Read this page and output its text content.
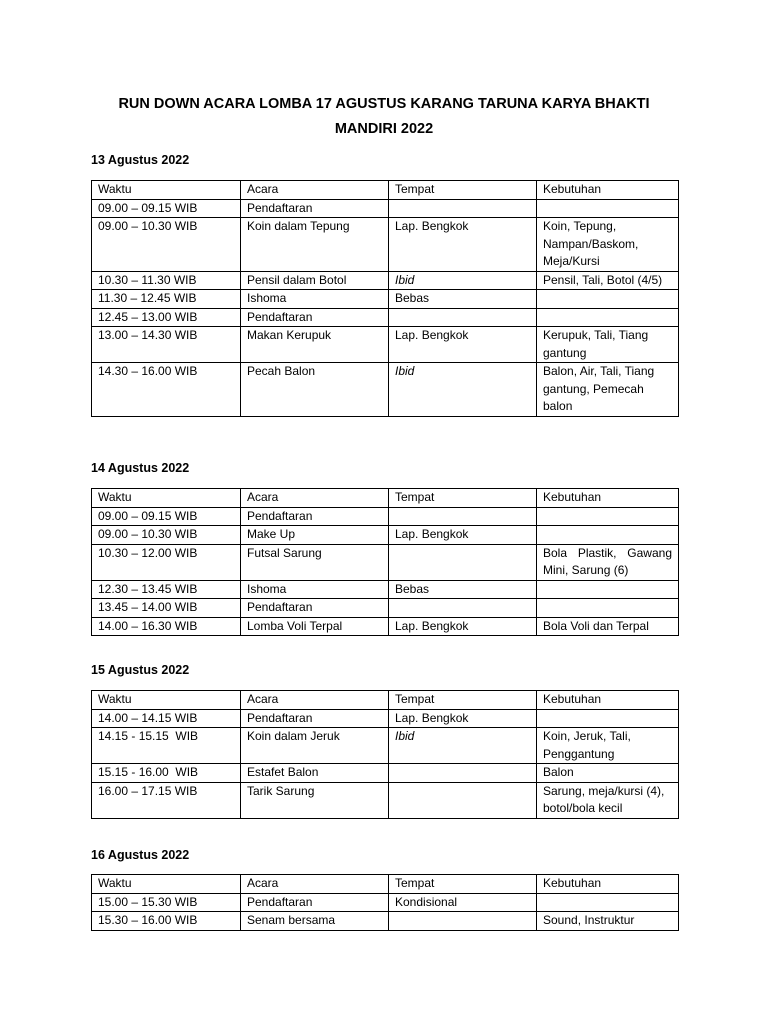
RUN DOWN ACARA LOMBA 17 AGUSTUS KARANG TARUNA KARYA BHAKTI
MANDIRI 2022
13 Agustus 2022
Waktu	Acara	Tempat	Kebutuhan
09.00 – 09.15 WIB	Pendaftaran		
09.00 – 10.30 WIB	Koin dalam Tepung	Lap. Bengkok	Koin, Tepung, Nampan/Baskom, Meja/Kursi
10.30 – 11.30 WIB	Pensil dalam Botol	Ibid	Pensil, Tali, Botol (4/5)
11.30 – 12.45 WIB	Ishoma	Bebas	
12.45 – 13.00 WIB	Pendaftaran		
13.00 – 14.30 WIB	Makan Kerupuk	Lap. Bengkok	Kerupuk, Tali, Tiang gantung
14.30 – 16.00 WIB	Pecah Balon	Ibid	Balon, Air, Tali, Tiang gantung, Pemecah balon
14 Agustus 2022
Waktu	Acara	Tempat	Kebutuhan
09.00 – 09.15 WIB	Pendaftaran		
09.00 – 10.30 WIB	Make Up	Lap. Bengkok	
10.30 – 12.00 WIB	Futsal Sarung		Bola Plastik, Gawang Mini, Sarung (6)
12.30 – 13.45 WIB	Ishoma	Bebas	
13.45 – 14.00 WIB	Pendaftaran		
14.00 – 16.30 WIB	Lomba Voli Terpal	Lap. Bengkok	Bola Voli dan Terpal
15 Agustus 2022
Waktu	Acara	Tempat	Kebutuhan
14.00 – 14.15 WIB	Pendaftaran	Lap. Bengkok	
14.15 - 15.15  WIB	Koin dalam Jeruk	Ibid	Koin, Jeruk, Tali, Penggantung
15.15 - 16.00  WIB	Estafet Balon		Balon
16.00 – 17.15 WIB	Tarik Sarung		Sarung, meja/kursi (4), botol/bola kecil
16 Agustus 2022
Waktu	Acara	Tempat	Kebutuhan
15.00 – 15.30 WIB	Pendaftaran	Kondisional	
15.30 – 16.00 WIB	Senam bersama		Sound, Instruktur
